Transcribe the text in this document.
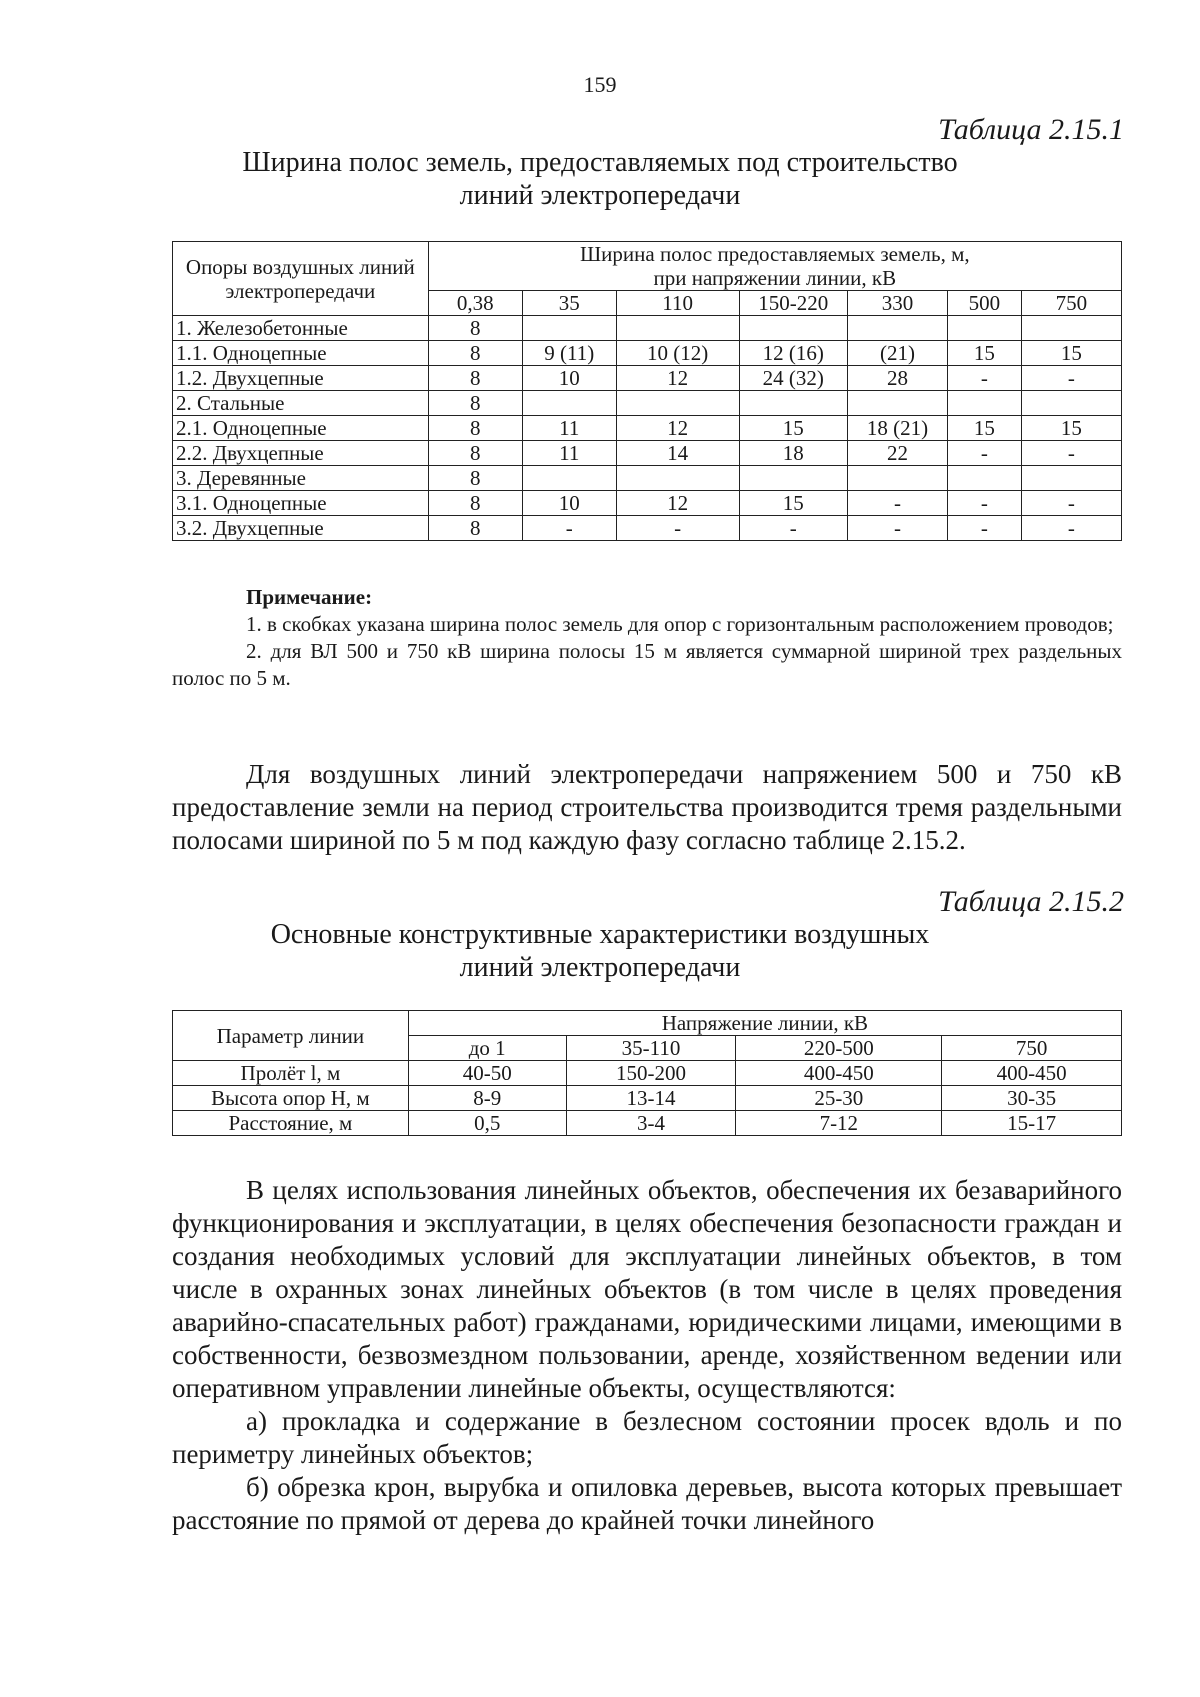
159
Таблица 2.15.1
Ширина полос земель, предоставляемых под строительство
линий электропередачи
Опоры воздушных линий электропередачи	Ширина полос предоставляемых земель, м,
при напряжении линии, кВ						

	0,38	35	110	150-220	330	500	750
1. Железобетонные	8						
1.1. Одноцепные	8	9 (11)	10 (12)	12 (16)	(21)	15	15
1.2. Двухцепные	8	10	12	24 (32)	28	-	-
2. Стальные	8						
2.1. Одноцепные	8	11	12	15	18 (21)	15	15
2.2. Двухцепные	8	11	14	18	22	-	-
3. Деревянные	8						
3.1. Одноцепные	8	10	12	15	-	-	-
3.2. Двухцепные	8	-	-	-	-	-	-
Примечание:

1. в скобках указана ширина полос земель для опор с горизонтальным расположением проводов;

2. для ВЛ 500 и 750 кВ ширина полосы 15 м является суммарной шириной трех раздельных полос по 5 м.

Для воздушных линий электропередачи напряжением 500 и 750 кВ предоставление земли на период строительства производится тремя раздельными полосами шириной по 5 м под каждую фазу согласно таблице 2.15.2.

Таблица 2.15.2
Основные конструктивные характеристики воздушных
линий электропередачи
Параметр линии	Напряжение линии, кВ			
	до 1	35-110	220-500	750
Пролёт l, м	40-50	150-200	400-450	400-450
Высота опор H, м	8-9	13-14	25-30	30-35
Расстояние, м	0,5	3-4	7-12	15-17

В целях использования линейных объектов, обеспечения их безаварийного функционирования и эксплуатации, в целях обеспечения безопасности граждан и создания необходимых условий для эксплуатации линейных объектов, в том числе в охранных зонах линейных объектов (в том числе в целях проведения аварийно-спасательных работ) гражданами, юридическими лицами, имеющими в собственности, безвозмездном пользовании, аренде, хозяйственном ведении или оперативном управлении линейные объекты, осуществляются:

а) прокладка и содержание в безлесном состоянии просек вдоль и по периметру линейных объектов;

б) обрезка крон, вырубка и опиловка деревьев, высота которых превышает расстояние по прямой от дерева до крайней точки линейного
